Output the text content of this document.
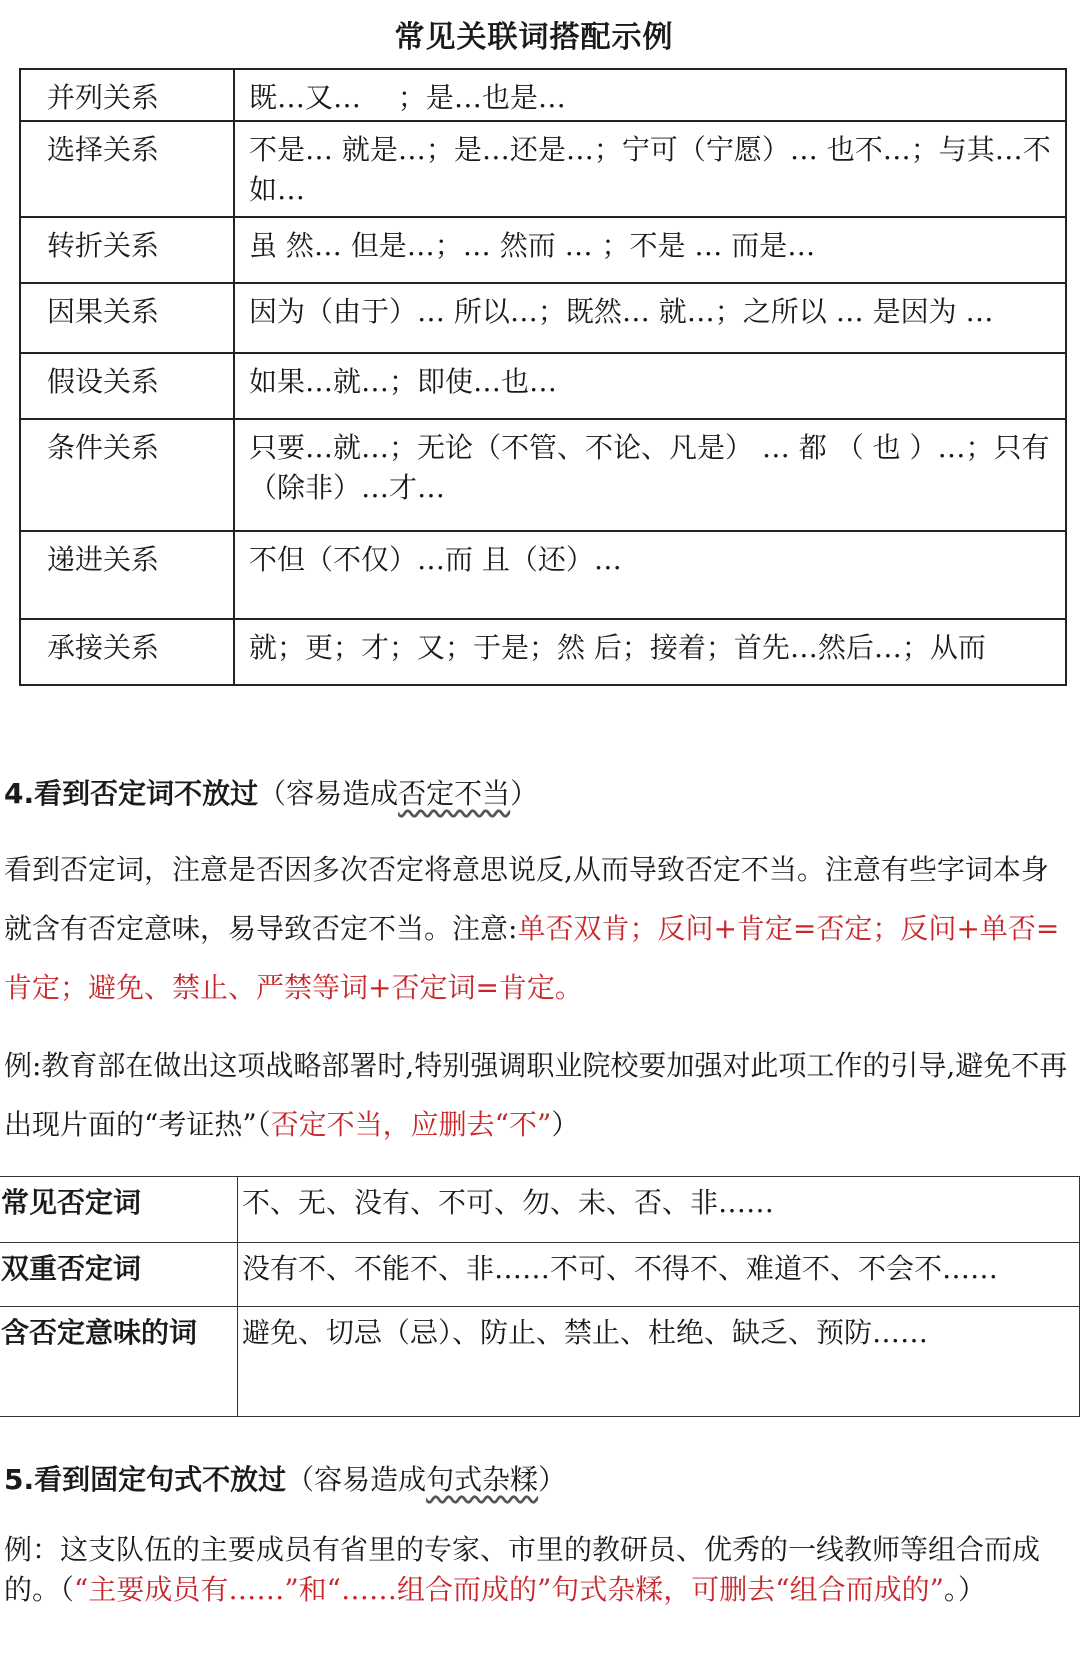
常见关联词搭配示例
并列关系	既…又…　 ；是…也是…
选择关系	不是… 就是…；是…还是…；宁可（宁愿）… 也不…；与其…不如…
转折关系	虽 然… 但是…；… 然而 … ；不是 … 而是…
因果关系	因为（由于）… 所以…；既然… 就…；之所以 … 是因为 …
假设关系	如果…就…；即使…也…
条件关系	只要…就…；无论（不管、不论、凡是） … 都 （ 也 ）…；只有（除非）…才…
递进关系	不但（不仅）…而 且（还）…
承接关系	就；更；才；又；于是；然 后；接着；首先…然后…；从而
4.看到否定词不放过（容易造成否定不当）
看到否定词，注意是否因多次否定将意思说反,从而导致否定不当。注意有些字词本身就含有否定意味，易导致否定不当。注意:单否双肯；反问+肯定=否定；反问+单否=肯定；避免、禁止、严禁等词+否定词=肯定。
例:教育部在做出这项战略部署时,特别强调职业院校要加强对此项工作的引导,避免不再出现片面的“考证热”（否定不当，应删去“不”）
常见否定词	不、无、没有、不可、勿、未、否、非……
双重否定词	没有不、不能不、非……不可、不得不、难道不、不会不……
含否定意味的词	避免、切忌（忌）、防止、禁止、杜绝、缺乏、预防……
5.看到固定句式不放过（容易造成句式杂糅）
例：这支队伍的主要成员有省里的专家、市里的教研员、优秀的一线教师等组合而成的。（“主要成员有……”和“……组合而成的”句式杂糅，可删去“组合而成的”。）
